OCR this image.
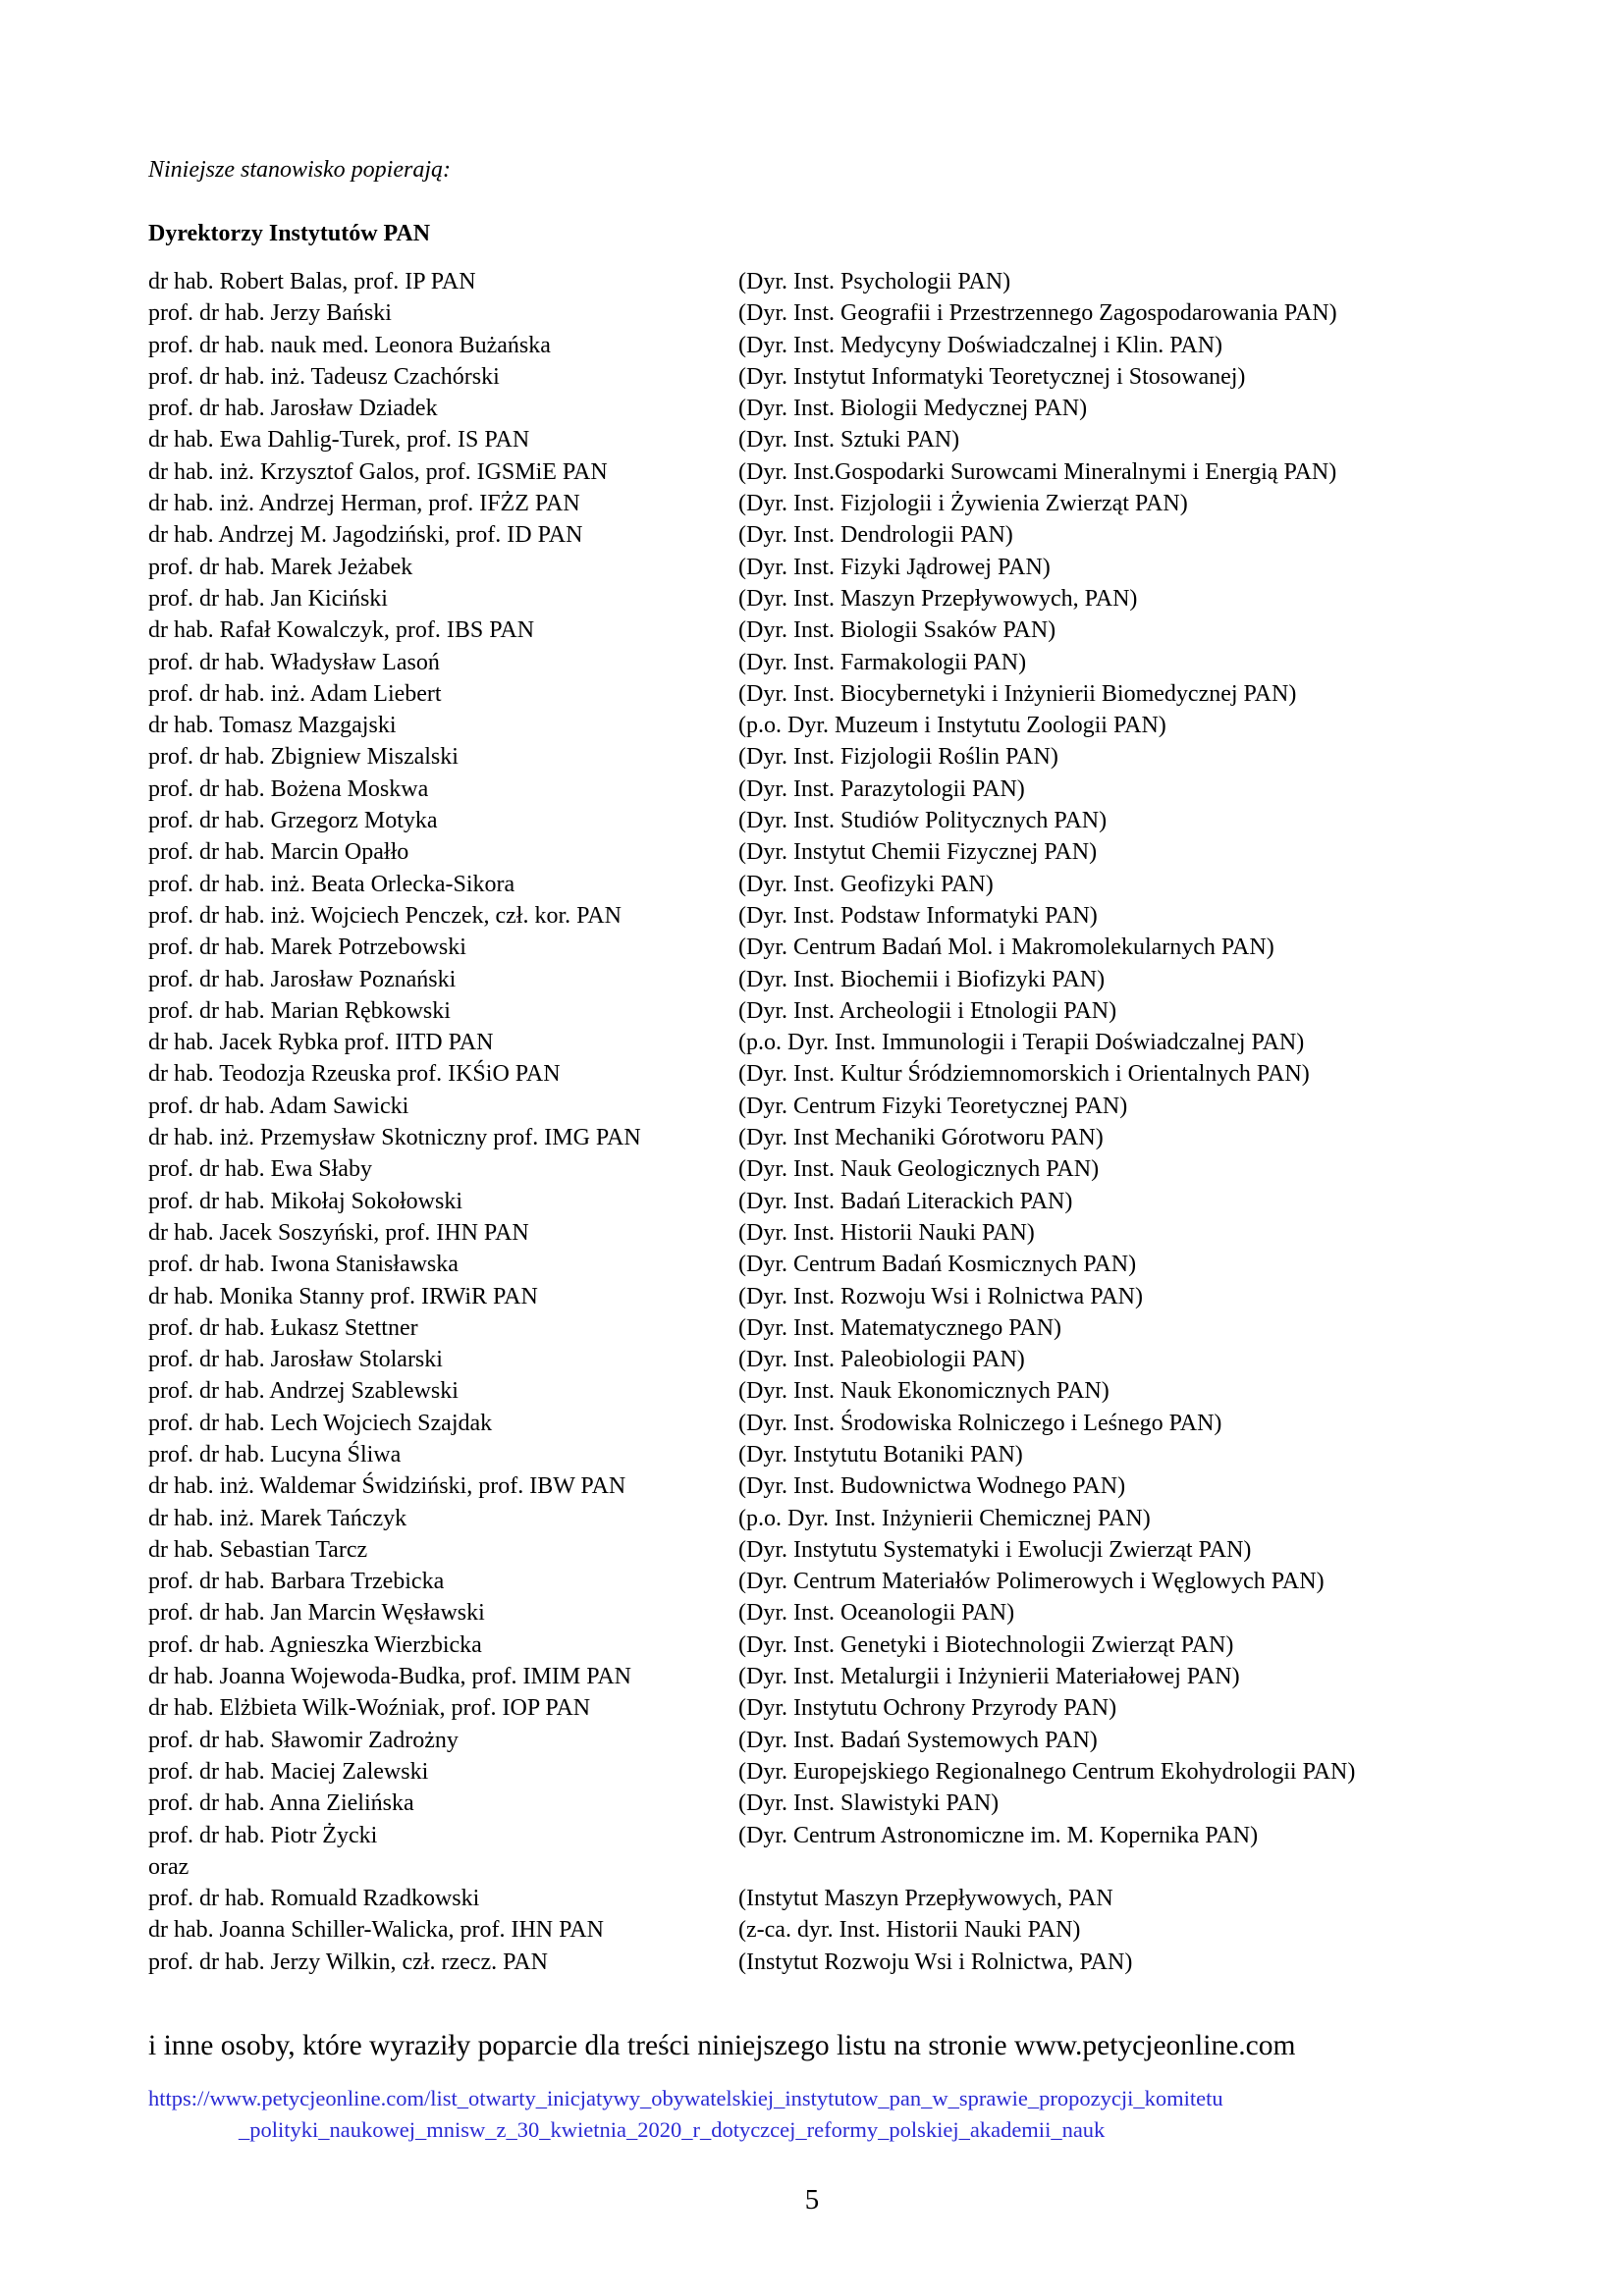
Niniejsze stanowisko popierają:
Dyrektorzy Instytutów PAN
dr hab. Robert Balas, prof. IP PAN	(Dyr. Inst. Psychologii PAN)
prof. dr hab. Jerzy Bański	(Dyr. Inst. Geografii i Przestrzennego Zagospodarowania PAN)
prof. dr hab. nauk med. Leonora Bużańska	(Dyr. Inst. Medycyny Doświadczalnej i Klin. PAN)
prof. dr hab. inż. Tadeusz Czachórski	(Dyr. Instytut Informatyki Teoretycznej i Stosowanej)
prof. dr hab. Jarosław Dziadek	(Dyr. Inst. Biologii Medycznej PAN)
dr hab. Ewa Dahlig-Turek, prof. IS PAN	(Dyr. Inst. Sztuki PAN)
dr hab. inż. Krzysztof Galos, prof. IGSMiE PAN	(Dyr. Inst.Gospodarki Surowcami Mineralnymi i Energią PAN)
dr hab. inż. Andrzej Herman, prof. IFŻZ PAN	(Dyr. Inst. Fizjologii i Żywienia Zwierząt PAN)
dr hab. Andrzej M. Jagodziński, prof. ID PAN	(Dyr. Inst. Dendrologii PAN)
prof. dr hab. Marek Jeżabek	(Dyr. Inst. Fizyki Jądrowej PAN)
prof. dr hab. Jan Kiciński	(Dyr. Inst. Maszyn Przepływowych, PAN)
dr hab. Rafał Kowalczyk, prof. IBS PAN	(Dyr. Inst. Biologii Ssaków PAN)
prof. dr hab. Władysław Lasoń	(Dyr. Inst. Farmakologii PAN)
prof. dr hab. inż. Adam Liebert	(Dyr. Inst. Biocybernetyki i Inżynierii Biomedycznej PAN)
dr hab. Tomasz Mazgajski	(p.o. Dyr. Muzeum i Instytutu Zoologii PAN)
prof. dr hab. Zbigniew Miszalski	(Dyr. Inst. Fizjologii Roślin PAN)
prof. dr hab. Bożena Moskwa	(Dyr. Inst. Parazytologii PAN)
prof. dr hab. Grzegorz Motyka	(Dyr. Inst. Studiów Politycznych PAN)
prof. dr hab. Marcin Opałło	(Dyr. Instytut Chemii Fizycznej PAN)
prof. dr hab. inż. Beata Orlecka-Sikora	(Dyr. Inst. Geofizyki PAN)
prof. dr hab. inż. Wojciech Penczek, czł. kor. PAN	(Dyr. Inst. Podstaw Informatyki PAN)
prof. dr hab. Marek Potrzebowski	(Dyr. Centrum Badań Mol. i Makromolekularnych PAN)
prof. dr hab. Jarosław Poznański	(Dyr. Inst. Biochemii i Biofizyki PAN)
prof. dr hab. Marian Rębkowski	(Dyr. Inst. Archeologii i Etnologii PAN)
dr hab. Jacek Rybka prof. IITD PAN	(p.o. Dyr. Inst. Immunologii i Terapii Doświadczalnej PAN)
dr hab. Teodozja Rzeuska prof. IKŚiO PAN	(Dyr. Inst. Kultur Śródziemnomorskich i Orientalnych PAN)
prof. dr hab. Adam Sawicki	(Dyr. Centrum Fizyki Teoretycznej PAN)
dr hab. inż. Przemysław Skotniczny prof. IMG PAN	(Dyr. Inst Mechaniki Górotworu PAN)
prof. dr hab. Ewa Słaby	(Dyr. Inst. Nauk Geologicznych PAN)
prof. dr hab. Mikołaj Sokołowski	(Dyr. Inst. Badań Literackich PAN)
dr hab. Jacek Soszyński, prof. IHN PAN	(Dyr. Inst. Historii Nauki PAN)
prof. dr hab. Iwona Stanisławska	(Dyr. Centrum Badań Kosmicznych PAN)
dr hab. Monika Stanny prof. IRWiR PAN	(Dyr. Inst. Rozwoju Wsi i Rolnictwa PAN)
prof. dr hab. Łukasz Stettner	(Dyr. Inst. Matematycznego PAN)
prof. dr hab. Jarosław Stolarski	(Dyr. Inst. Paleobiologii PAN)
prof. dr hab. Andrzej Szablewski	(Dyr. Inst. Nauk Ekonomicznych PAN)
prof. dr hab. Lech Wojciech Szajdak	(Dyr. Inst. Środowiska Rolniczego i Leśnego PAN)
prof. dr hab. Lucyna Śliwa	(Dyr. Instytutu Botaniki PAN)
dr hab. inż. Waldemar Świdziński, prof. IBW PAN	(Dyr. Inst. Budownictwa Wodnego PAN)
dr hab. inż. Marek Tańczyk	(p.o. Dyr. Inst. Inżynierii Chemicznej PAN)
dr hab. Sebastian Tarcz	(Dyr. Instytutu Systematyki i Ewolucji Zwierząt PAN)
prof. dr hab. Barbara Trzebicka	(Dyr. Centrum Materiałów Polimerowych i Węglowych PAN)
prof. dr hab. Jan Marcin Węsławski	(Dyr. Inst. Oceanologii PAN)
prof. dr hab. Agnieszka Wierzbicka	(Dyr. Inst. Genetyki i Biotechnologii Zwierząt PAN)
dr hab. Joanna Wojewoda-Budka, prof. IMIM PAN	(Dyr. Inst. Metalurgii i Inżynierii Materiałowej PAN)
dr hab. Elżbieta Wilk-Woźniak, prof. IOP PAN	(Dyr. Instytutu Ochrony Przyrody PAN)
prof. dr hab. Sławomir Zadrożny	(Dyr. Inst. Badań Systemowych PAN)
prof. dr hab. Maciej Zalewski	(Dyr. Europejskiego Regionalnego Centrum Ekohydrologii PAN)
prof. dr hab. Anna Zielińska	(Dyr. Inst. Slawistyki PAN)
prof. dr hab. Piotr Życki	(Dyr. Centrum Astronomiczne im. M. Kopernika PAN)
oraz
prof. dr hab. Romuald Rzadkowski	(Instytut Maszyn Przepływowych, PAN
dr hab. Joanna Schiller-Walicka, prof. IHN PAN	(z-ca. dyr. Inst. Historii Nauki PAN)
prof. dr hab. Jerzy Wilkin, czł. rzecz. PAN	(Instytut Rozwoju Wsi i Rolnictwa, PAN)
i inne osoby, które wyraziły poparcie dla treści niniejszego listu na stronie www.petycjeonline.com
https://www.petycjeonline.com/list_otwarty_inicjatywy_obywatelskiej_instytutow_pan_w_sprawie_propozycji_komitetu
_polityki_naukowej_mnisw_z_30_kwietnia_2020_r_dotyczcej_reformy_polskiej_akademii_nauk
5
